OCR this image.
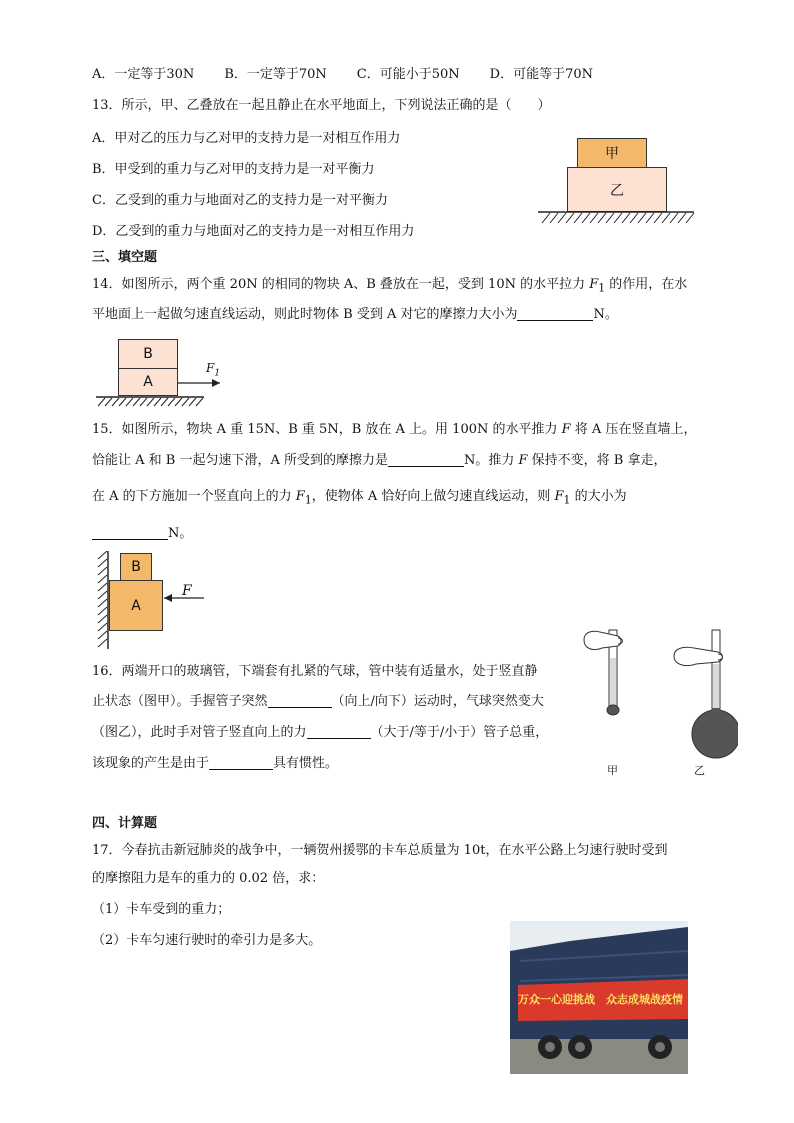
A．一定等于30N B．一定等于70N C．可能小于50N D．可能等于70N
13．所示，甲、乙叠放在一起且静止在水平地面上，下列说法正确的是（　　）
A．甲对乙的压力与乙对甲的支持力是一对相互作用力
B．甲受到的重力与乙对甲的支持力是一对平衡力
C．乙受到的重力与地面对乙的支持力是一对平衡力
D．乙受到的重力与地面对乙的支持力是一对相互作用力
甲
乙
三、填空题
14．如图所示，两个重 20N 的相同的物块 A、B 叠放在一起，受到 10N 的水平拉力 $F_1$ 的作用，在水
平地面上一起做匀速直线运动，则此时物体 B 受到 A 对它的摩擦力大小为	N。
B
A
$F_1$
15．如图所示，物块 A 重 15N、B 重 5N，B 放在 A 上。用 100N 的水平推力 F 将 A 压在竖直墙上，
恰能让 A 和 B 一起匀速下滑，A 所受到的摩擦力是	N。推力 F 保持不变，将 B 拿走，
在 A 的下方施加一个竖直向上的力 $F_1$，使物体 A 恰好向上做匀速直线运动，则 $F_1$ 的大小为
N。
B
A
F
16．两端开口的玻璃管，下端套有扎紧的气球，管中装有适量水，处于竖直静
止状态（图甲）。手握管子突然	（向上/向下）运动时，气球突然变大
（图乙），此时手对管子竖直向上的力	（大于/等于/小于）管子总重，
该现象的产生是由于	具有惯性。	甲	乙
四、计算题
17．今春抗击新冠肺炎的战争中，一辆贺州援鄂的卡车总质量为 10t，在水平公路上匀速行驶时受到
的摩擦阻力是车的重力的 0.02 倍，求：
（1）卡车受到的重力；
（2）卡车匀速行驶时的牵引力是多大。
万众一心迎挑战　众志成城战疫情
